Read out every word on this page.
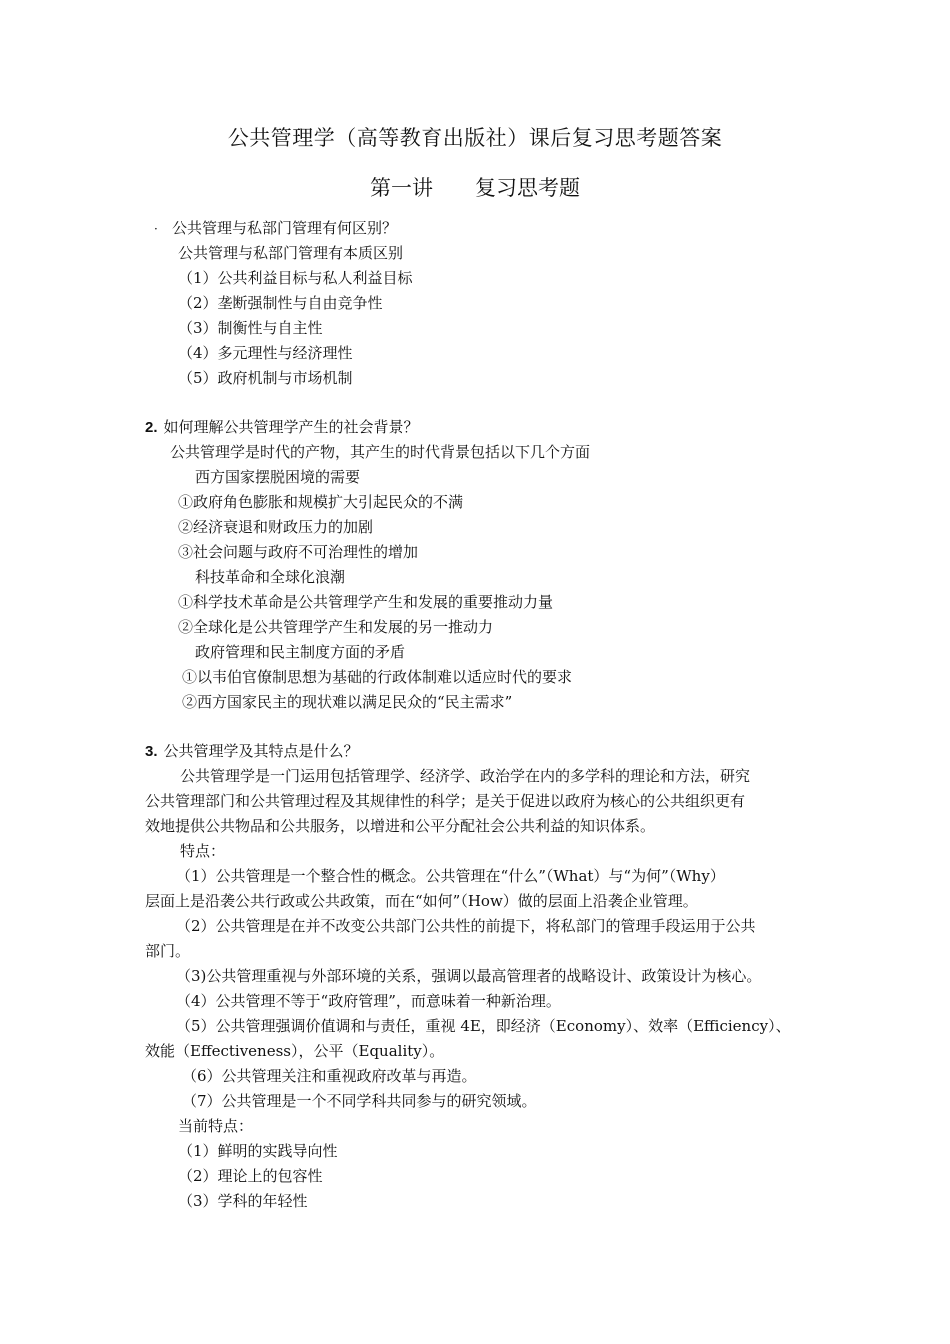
公共管理学（高等教育出版社）课后复习思考题答案
第一讲 复习思考题
· 公共管理与私部门管理有何区别？
公共管理与私部门管理有本质区别
（1）公共利益目标与私人利益目标
（2）垄断强制性与自由竞争性
（3）制衡性与自主性
（4）多元理性与经济理性
（5）政府机制与市场机制
2. 如何理解公共管理学产生的社会背景？
公共管理学是时代的产物，其产生的时代背景包括以下几个方面
西方国家摆脱困境的需要
①政府角色膨胀和规模扩大引起民众的不满
②经济衰退和财政压力的加剧
③社会问题与政府不可治理性的增加
科技革命和全球化浪潮
①科学技术革命是公共管理学产生和发展的重要推动力量
②全球化是公共管理学产生和发展的另一推动力
政府管理和民主制度方面的矛盾
①以韦伯官僚制思想为基础的行政体制难以适应时代的要求
②西方国家民主的现状难以满足民众的“民主需求”
3. 公共管理学及其特点是什么？
公共管理学是一门运用包括管理学、经济学、政治学在内的多学科的理论和方法，研究
公共管理部门和公共管理过程及其规律性的科学；是关于促进以政府为核心的公共组织更有
效地提供公共物品和公共服务，以增进和公平分配社会公共利益的知识体系。
特点：
（1）公共管理是一个整合性的概念。公共管理在“什么”（What）与“为何”（Why）
层面上是沿袭公共行政或公共政策，而在“如何”（How）做的层面上沿袭企业管理。
（2）公共管理是在并不改变公共部门公共性的前提下，将私部门的管理手段运用于公共
部门。
（3)公共管理重视与外部环境的关系，强调以最高管理者的战略设计、政策设计为核心。
（4）公共管理不等于“政府管理”，而意味着一种新治理。
（5）公共管理强调价值调和与责任，重视 4E，即经济（Economy）、效率（Efficiency）、
效能（Effectiveness），公平（Equality）。
（6）公共管理关注和重视政府改革与再造。
（7）公共管理是一个不同学科共同参与的研究领域。
当前特点：
（1）鲜明的实践导向性
（2）理论上的包容性
（3）学科的年轻性
